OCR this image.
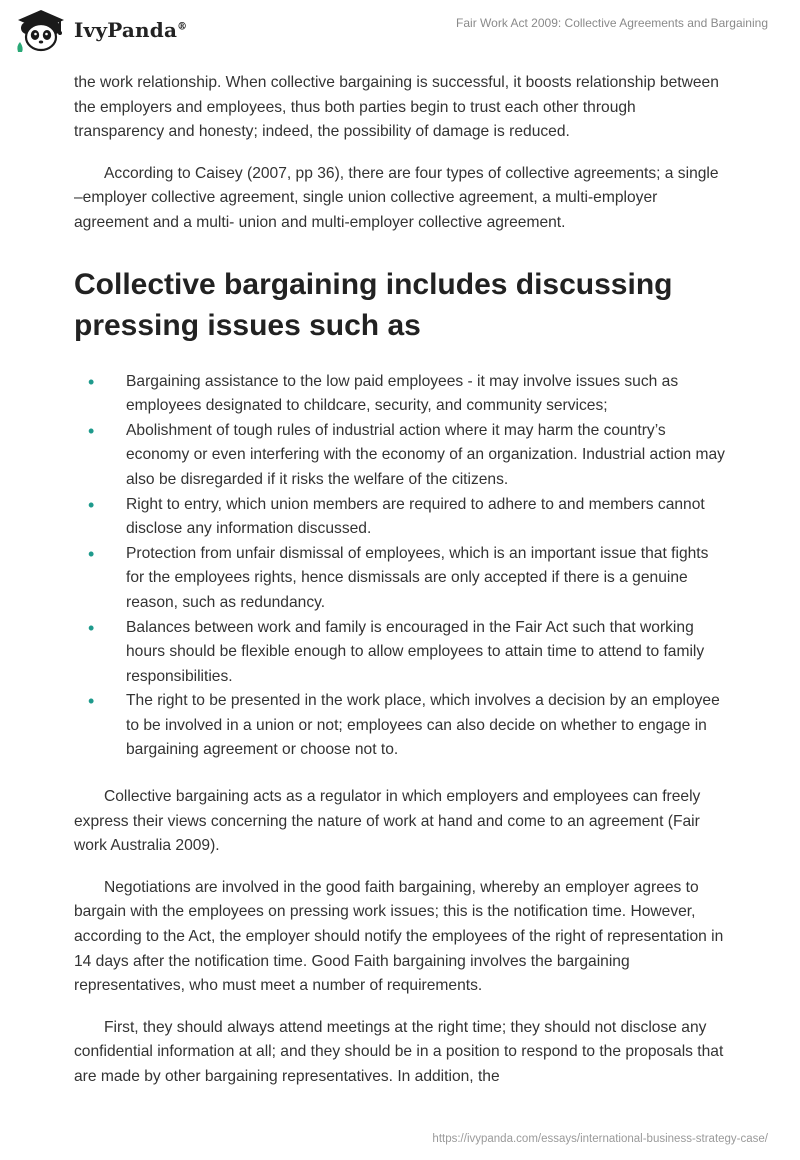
IvyPanda®	Fair Work Act 2009: Collective Agreements and Bargaining

the work relationship. When collective bargaining is successful, it boosts relationship between the employers and employees, thus both parties begin to trust each other through transparency and honesty; indeed, the possibility of damage is reduced.

According to Caisey (2007, pp 36), there are four types of collective agreements; a single –employer collective agreement, single union collective agreement, a multi-employer agreement and a multi- union and multi-employer collective agreement.

Collective bargaining includes discussing pressing issues such as
• Bargaining assistance to the low paid employees - it may involve issues such as employees designated to childcare, security, and community services;
• Abolishment of tough rules of industrial action where it may harm the country’s economy or even interfering with the economy of an organization. Industrial action may also be disregarded if it risks the welfare of the citizens.
• Right to entry, which union members are required to adhere to and members cannot disclose any information discussed.
• Protection from unfair dismissal of employees, which is an important issue that fights for the employees rights, hence dismissals are only accepted if there is a genuine reason, such as redundancy.
• Balances between work and family is encouraged in the Fair Act such that working hours should be flexible enough to allow employees to attain time to attend to family responsibilities.
• The right to be presented in the work place, which involves a decision by an employee to be involved in a union or not; employees can also decide on whether to engage in bargaining agreement or choose not to.

Collective bargaining acts as a regulator in which employers and employees can freely express their views concerning the nature of work at hand and come to an agreement (Fair work Australia 2009).

Negotiations are involved in the good faith bargaining, whereby an employer agrees to bargain with the employees on pressing work issues; this is the notification time. However, according to the Act, the employer should notify the employees of the right of representation in 14 days after the notification time. Good Faith bargaining involves the bargaining representatives, who must meet a number of requirements.

First, they should always attend meetings at the right time; they should not disclose any confidential information at all; and they should be in a position to respond to the proposals that are made by other bargaining representatives. In addition, the

https://ivypanda.com/essays/international-business-strategy-case/
